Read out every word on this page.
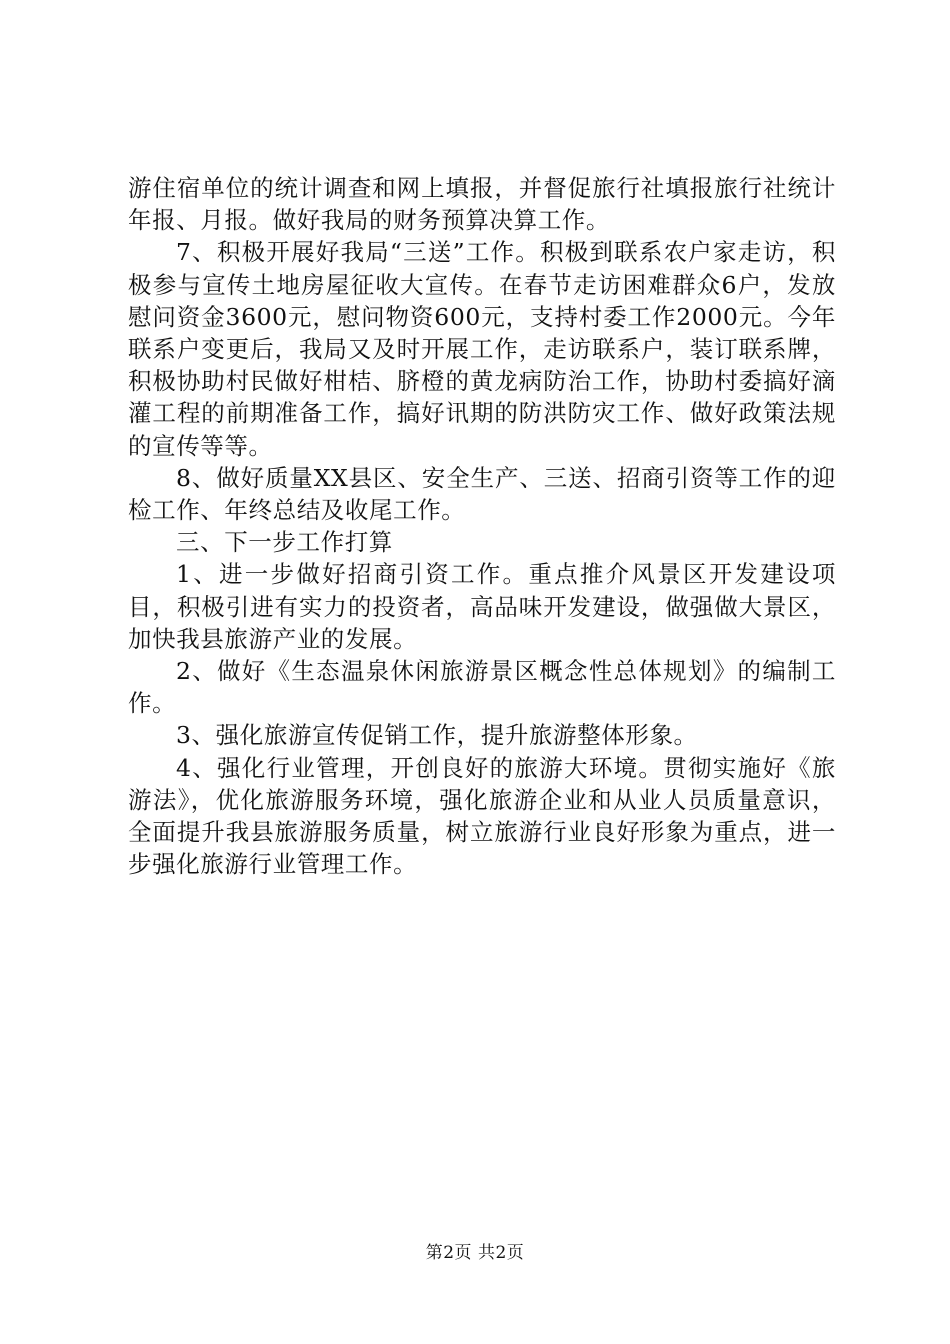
游住宿单位的统计调查和网上填报，并督促旅行社填报旅行社统计年报、月报。做好我局的财务预算决算工作。

7、积极开展好我局“三送”工作。积极到联系农户家走访，积极参与宣传土地房屋征收大宣传。在春节走访困难群众6户，发放慰问资金3600元，慰问物资600元，支持村委工作2000元。今年联系户变更后，我局又及时开展工作，走访联系户，装订联系牌，积极协助村民做好柑桔、脐橙的黄龙病防治工作，协助村委搞好滴灌工程的前期准备工作，搞好讯期的防洪防灾工作、做好政策法规的宣传等等。

8、做好质量XX县区、安全生产、三送、招商引资等工作的迎检工作、年终总结及收尾工作。

三、下一步工作打算

1、进一步做好招商引资工作。重点推介风景区开发建设项目，积极引进有实力的投资者，高品味开发建设，做强做大景区，加快我县旅游产业的发展。

2、做好《生态温泉休闲旅游景区概念性总体规划》的编制工作。

3、强化旅游宣传促销工作，提升旅游整体形象。

4、强化行业管理，开创良好的旅游大环境。贯彻实施好《旅游法》，优化旅游服务环境，强化旅游企业和从业人员质量意识，全面提升我县旅游服务质量，树立旅游行业良好形象为重点，进一步强化旅游行业管理工作。

第2页 共2页
